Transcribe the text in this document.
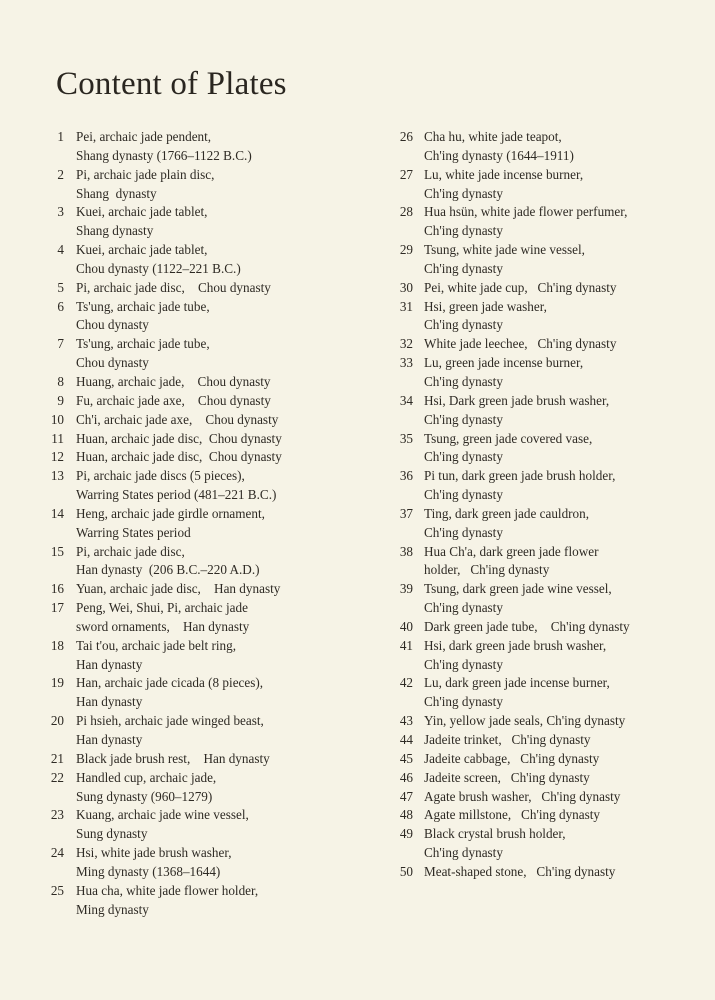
Content of Plates
1 Pei, archaic jade pendent,
Shang dynasty (1766–1122 B.C.)
2 Pi, archaic jade plain disc,
Shang  dynasty
3 Kuei, archaic jade tablet,
Shang dynasty
4 Kuei, archaic jade tablet,
Chou dynasty (1122–221 B.C.)
5 Pi, archaic jade disc,    Chou dynasty
6 Ts'ung, archaic jade tube,
Chou dynasty
7 Ts'ung, archaic jade tube,
Chou dynasty
8 Huang, archaic jade,    Chou dynasty
9 Fu, archaic jade axe,    Chou dynasty
10 Ch'i, archaic jade axe,    Chou dynasty
11 Huan, archaic jade disc,  Chou dynasty
12 Huan, archaic jade disc,  Chou dynasty
13 Pi, archaic jade discs (5 pieces),
Warring States period (481–221 B.C.)
14 Heng, archaic jade girdle ornament,
Warring States period
15 Pi, archaic jade disc,
Han dynasty  (206 B.C.–220 A.D.)
16 Yuan, archaic jade disc,    Han dynasty
17 Peng, Wei, Shui, Pi, archaic jade
sword ornaments,    Han dynasty
18 Tai t'ou, archaic jade belt ring,
Han dynasty
19 Han, archaic jade cicada (8 pieces),
Han dynasty
20 Pi hsieh, archaic jade winged beast,
Han dynasty
21 Black jade brush rest,    Han dynasty
22 Handled cup, archaic jade,
Sung dynasty (960–1279)
23 Kuang, archaic jade wine vessel,
Sung dynasty
24 Hsi, white jade brush washer,
Ming dynasty (1368–1644)
25 Hua cha, white jade flower holder,
Ming dynasty
26 Cha hu, white jade teapot,
Ch'ing dynasty (1644–1911)
27 Lu, white jade incense burner,
Ch'ing dynasty
28 Hua hsün, white jade flower perfumer,
Ch'ing dynasty
29 Tsung, white jade wine vessel,
Ch'ing dynasty
30 Pei, white jade cup,   Ch'ing dynasty
31 Hsi, green jade washer,
Ch'ing dynasty
32 White jade leechee,   Ch'ing dynasty
33 Lu, green jade incense burner,
Ch'ing dynasty
34 Hsi, Dark green jade brush washer,
Ch'ing dynasty
35 Tsung, green jade covered vase,
Ch'ing dynasty
36 Pi tun, dark green jade brush holder,
Ch'ing dynasty
37 Ting, dark green jade cauldron,
Ch'ing dynasty
38 Hua Ch'a, dark green jade flower
holder,   Ch'ing dynasty
39 Tsung, dark green jade wine vessel,
Ch'ing dynasty
40 Dark green jade tube,    Ch'ing dynasty
41 Hsi, dark green jade brush washer,
Ch'ing dynasty
42 Lu, dark green jade incense burner,
Ch'ing dynasty
43 Yin, yellow jade seals, Ch'ing dynasty
44 Jadeite trinket,   Ch'ing dynasty
45 Jadeite cabbage,   Ch'ing dynasty
46 Jadeite screen,   Ch'ing dynasty
47 Agate brush washer,   Ch'ing dynasty
48 Agate millstone,   Ch'ing dynasty
49 Black crystal brush holder,
Ch'ing dynasty
50 Meat-shaped stone,   Ch'ing dynasty
